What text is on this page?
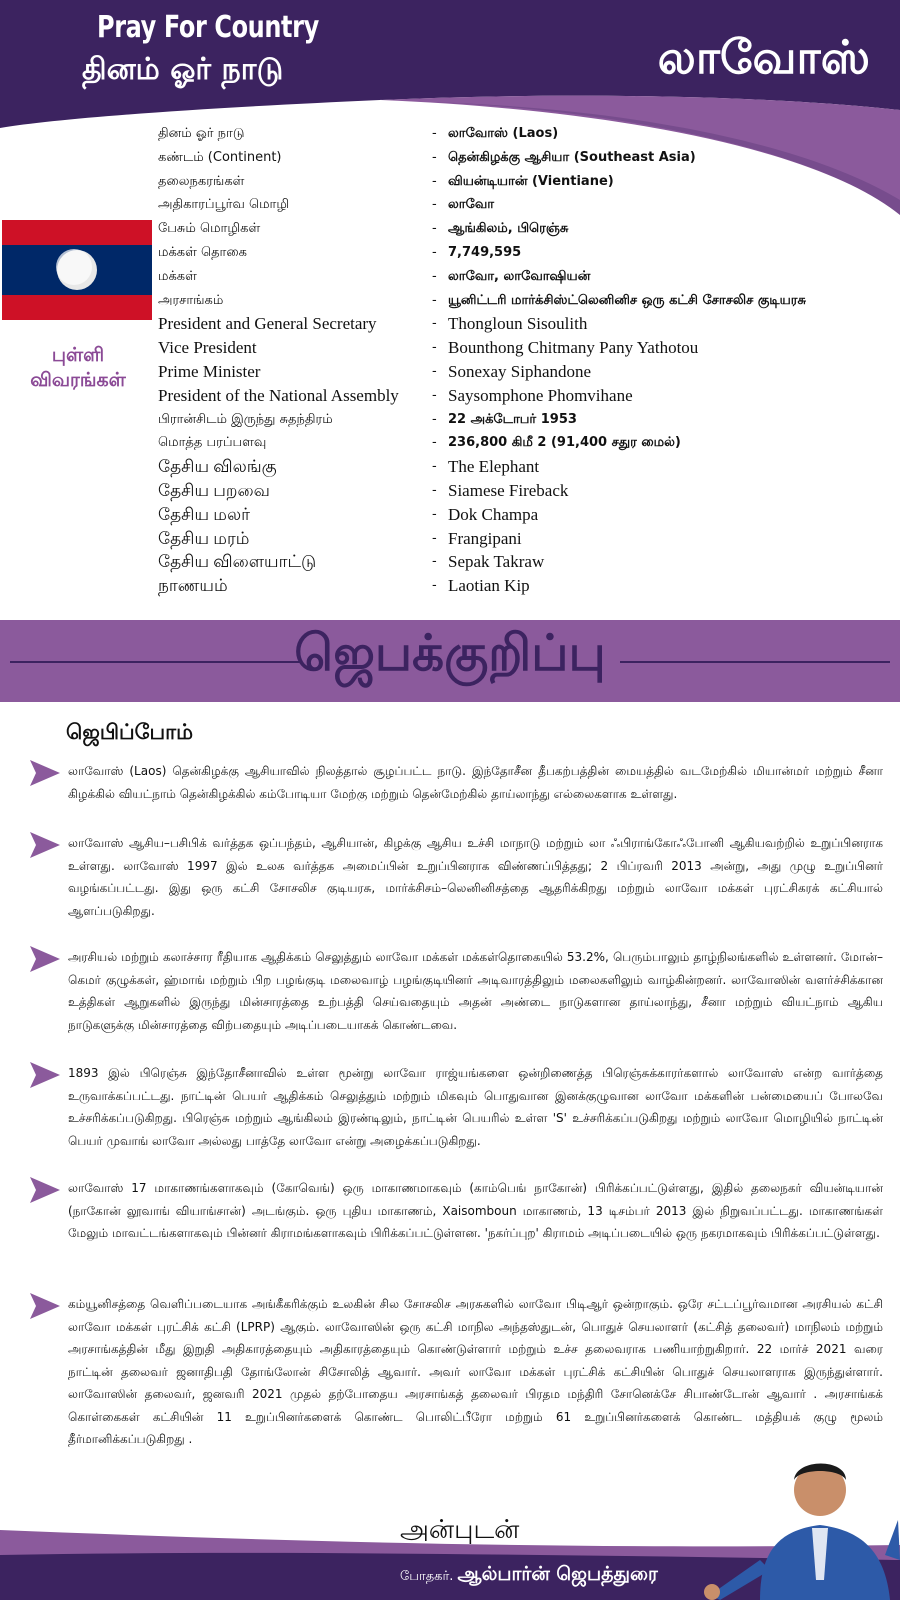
Pray For Country
தினம் ஓர் நாடு	லாவோஸ்
புள்ளி
விவரங்கள்
தினம் ஓர் நாடு	- லாவோஸ் (Laos)
கண்டம் (Continent)	- தென்கிழக்கு ஆசியா (Southeast Asia)
தலைநகரங்கள்	- வியன்டியான் (Vientiane)
அதிகாரப்பூர்வ மொழி	- லாவோ
பேசும் மொழிகள்	- ஆங்கிலம், பிரெஞ்சு
மக்கள் தொகை	- 7,749,595
மக்கள்	- லாவோ, லாவோஷியன்
அரசாங்கம்	- யூனிட்டரி மார்க்சிஸ்ட்லெனினிச ஒரு கட்சி சோசலிச குடியரசு
President and General Secretary	- Thongloun Sisoulith
Vice President	- Bounthong Chitmany Pany Yathotou
Prime Minister	- Sonexay Siphandone
President of the National Assembly	- Saysomphone Phomvihane
பிரான்சிடம் இருந்து சுதந்திரம்	- 22 அக்டோபர் 1953
மொத்த பரப்பளவு	- 236,800 கிமீ 2 (91,400 சதுர மைல்)
தேசிய விலங்கு	- The Elephant
தேசிய பறவை	- Siamese Fireback
தேசிய மலர்	- Dok Champa
தேசிய மரம்	- Frangipani
தேசிய விளையாட்டு	- Sepak Takraw
நாணயம்	- Laotian Kip
ஜெபக்குறிப்பு
ஜெபிப்போம்
லாவோஸ் (Laos) தென்கிழக்கு ஆசியாவில் நிலத்தால் சூழப்பட்ட நாடு. இந்தோசீன தீபகற்பத்தின் மையத்தில் வடமேற்கில் மியான்மர் மற்றும் சீனா கிழக்கில் வியட்நாம் தென்கிழக்கில் கம்போடியா மேற்கு மற்றும் தென்மேற்கில் தாய்லாந்து எல்லைகளாக உள்ளது.
லாவோஸ் ஆசிய–பசிபிக் வர்த்தக ஒப்பந்தம், ஆசியான், கிழக்கு ஆசிய உச்சி மாநாடு மற்றும் லா ஃபிராங்கோஃபோனி ஆகியவற்றில் உறுப்பினராக உள்ளது. லாவோஸ் 1997 இல் உலக வர்த்தக அமைப்பின் உறுப்பினராக விண்ணப்பித்தது; 2 பிப்ரவரி 2013 அன்று, அது முழு உறுப்பினர் வழங்கப்பட்டது. இது ஒரு கட்சி சோசலிச குடியரசு, மார்க்சிசம்–லெனினிசத்தை ஆதரிக்கிறது மற்றும் லாவோ மக்கள் புரட்சிகரக் கட்சியால் ஆளப்படுகிறது.
அரசியல் மற்றும் கலாச்சார ரீதியாக ஆதிக்கம் செலுத்தும் லாவோ மக்கள் மக்கள்தொகையில் 53.2%, பெரும்பாலும் தாழ்நிலங்களில் உள்ளனர். மோன்–கெமர் குழுக்கள், ஹ்மாங் மற்றும் பிற பழங்குடி மலைவாழ் பழங்குடியினர் அடிவாரத்திலும் மலைகளிலும் வாழ்கின்றனர். லாவோஸின் வளர்ச்சிக்கான உத்திகள் ஆறுகளில் இருந்து மின்சாரத்தை உற்பத்தி செய்வதையும் அதன் அண்டை நாடுகளான தாய்லாந்து, சீனா மற்றும் வியட்நாம் ஆகிய நாடுகளுக்கு மின்சாரத்தை விற்பதையும் அடிப்படையாகக் கொண்டவை.
1893 இல் பிரெஞ்சு இந்தோசீனாவில் உள்ள மூன்று லாவோ ராஜ்யங்களை ஒன்றிணைத்த பிரெஞ்சுக்காரர்களால் லாவோஸ் என்ற வார்த்தை உருவாக்கப்பட்டது. நாட்டின் பெயர் ஆதிக்கம் செலுத்தும் மற்றும் மிகவும் பொதுவான இனக்குழுவான லாவோ மக்களின் பன்மையைப் போலவே உச்சரிக்கப்படுகிறது. பிரெஞ்சு மற்றும் ஆங்கிலம் இரண்டிலும், நாட்டின் பெயரில் உள்ள 'S' உச்சரிக்கப்படுகிறது மற்றும் லாவோ மொழியில் நாட்டின் பெயர் முவாங் லாவோ அல்லது பாத்தே லாவோ என்று அழைக்கப்படுகிறது.
லாவோஸ் 17 மாகாணங்களாகவும் (கோவெங்) ஒரு மாகாணமாகவும் (காம்பெங் நாகோன்) பிரிக்கப்பட்டுள்ளது, இதில் தலைநகர் வியன்டியான் (நாகோன் லூவாங் வியாங்சான்) அடங்கும். ஒரு புதிய மாகாணம், Xaisomboun மாகாணம், 13 டிசம்பர் 2013 இல் நிறுவப்பட்டது. மாகாணங்கள் மேலும் மாவட்டங்களாகவும் பின்னர் கிராமங்களாகவும் பிரிக்கப்பட்டுள்ளன. 'நகர்ப்புற' கிராமம் அடிப்படையில் ஒரு நகரமாகவும் பிரிக்கப்பட்டுள்ளது.
கம்யூனிசத்தை வெளிப்படையாக அங்கீகரிக்கும் உலகின் சில சோசலிச அரசுகளில் லாவோ பிடிஆர் ஒன்றாகும். ஒரே சட்டப்பூர்வமான அரசியல் கட்சி லாவோ மக்கள் புரட்சிக் கட்சி (LPRP) ஆகும். லாவோஸின் ஒரு கட்சி மாநில அந்தஸ்துடன், பொதுச் செயலாளர் (கட்சித் தலைவர்) மாநிலம் மற்றும் அரசாங்கத்தின் மீது இறுதி அதிகாரத்தையும் அதிகாரத்தையும் கொண்டுள்ளார் மற்றும் உச்ச தலைவராக பணியாற்றுகிறார். 22 மார்ச் 2021 வரை நாட்டின் தலைவர் ஜனாதிபதி தோங்லோன் சிசோலித் ஆவார். அவர் லாவோ மக்கள் புரட்சிக் கட்சியின் பொதுச் செயலாளராக இருந்துள்ளார். லாவோஸின் தலைவர், ஜனவரி 2021 முதல் தற்போதைய அரசாங்கத் தலைவர் பிரதம மந்திரி சோனெக்சே சிபாண்டோன் ஆவார் . அரசாங்கக் கொள்கைகள் கட்சியின் 11 உறுப்பினர்களைக் கொண்ட பொலிட்பீரோ மற்றும் 61 உறுப்பினர்களைக் கொண்ட மத்தியக் குழு மூலம் தீர்மானிக்கப்படுகிறது .
அன்புடன்
போதகர். ஆல்பார்ன் ஜெபத்துரை
